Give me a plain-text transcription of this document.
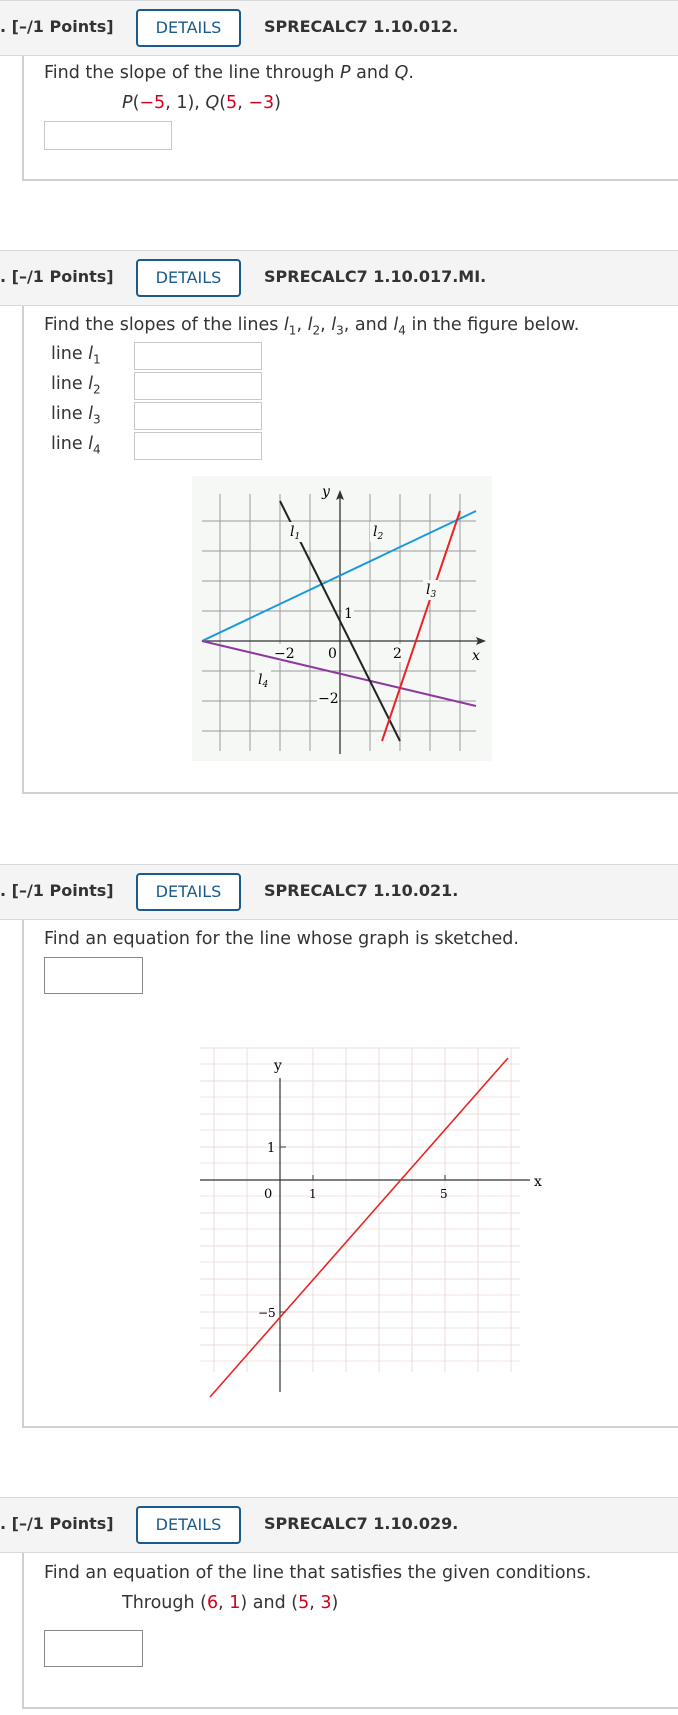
. [–/1 Points]	DETAILS	SPRECALC7 1.10.012.
Find the slope of the line through P and Q.
P(−5, 1), Q(5, −3)
. [–/1 Points]	DETAILS	SPRECALC7 1.10.017.MI.
Find the slopes of the lines $l_1$, $l_2$, $l_3$, and $l_4$ in the figure below.
line $l_1$
line $l_2$
line $l_3$
line $l_4$
y
x
−2 0	2
1
−2
$l_1$	$l_2$
$l_3$
$l_4$
. [–/1 Points]	DETAILS	SPRECALC7 1.10.021.
Find an equation for the line whose graph is sketched.
y
x
1
0	1	5
−5
. [–/1 Points]	DETAILS	SPRECALC7 1.10.029.
Find an equation of the line that satisfies the given conditions.
Through (6, 1) and (5, 3)
